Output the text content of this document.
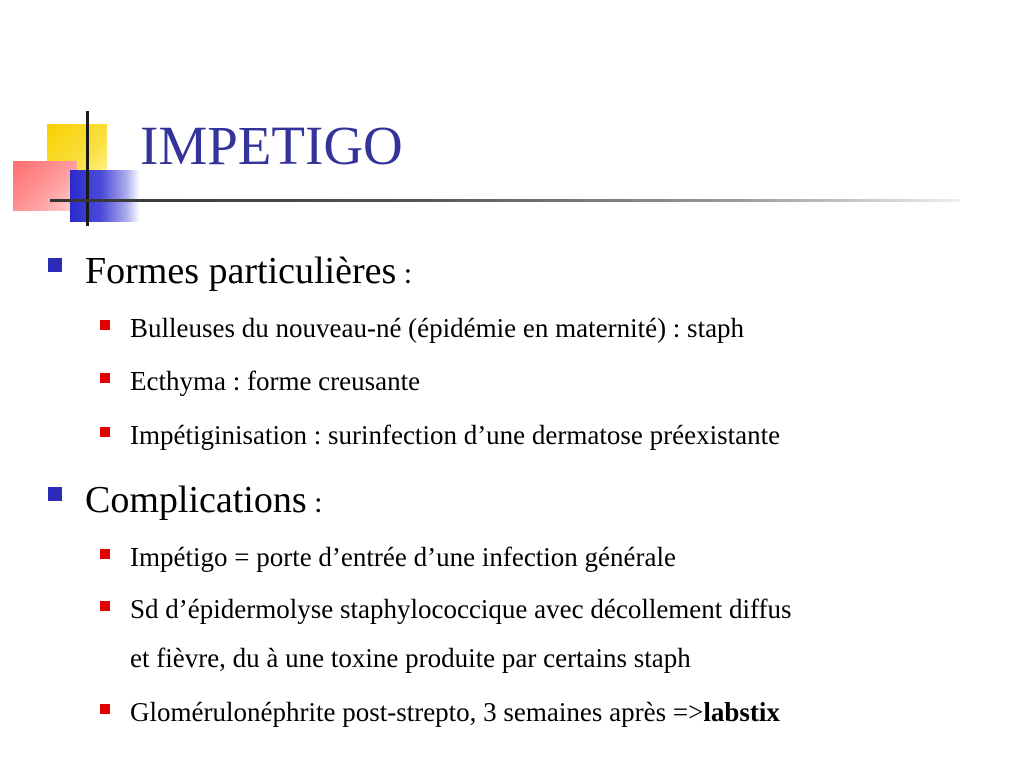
IMPETIGO
Formes particulières :
Bulleuses du nouveau-né (épidémie en maternité) : staph
Ecthyma : forme creusante
Impétiginisation : surinfection d’une dermatose préexistante
Complications :
Impétigo = porte d’entrée d’une infection générale
Sd d’épidermolyse staphylococcique avec décollement diffus
et fièvre, du à une toxine produite par certains staph
Glomérulonéphrite post-strepto, 3 semaines après =>labstix
